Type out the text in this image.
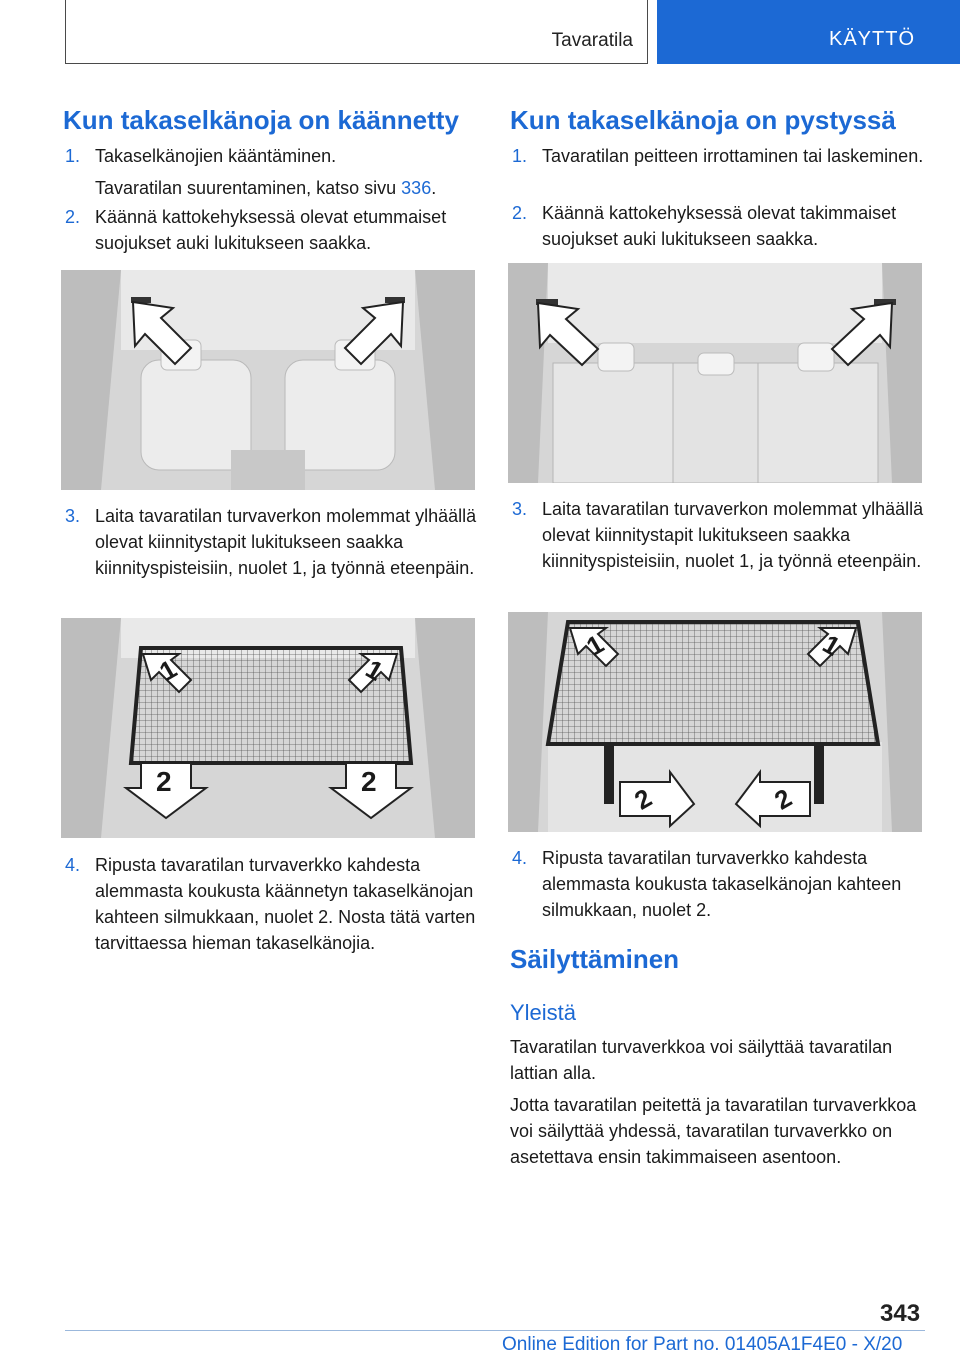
Tavaratila	KÄYTTÖ
Kun takaselkänoja on käännetty
1. Takaselkänojien kääntäminen.
Tavaratilan suurentaminen, katso sivu 336.
2. Käännä kattokehyksessä olevat etummaiset suojukset auki lukitukseen saakka.
3. Laita tavaratilan turvaverkon molemmat ylhäällä olevat kiinnitystapit lukitukseen saakka kiinnityspisteisiin, nuolet 1, ja työnnä eteenpäin.
1	1
2	2
4. Ripusta tavaratilan turvaverkko kahdesta alemmasta koukusta käännetyn takaselkänojan kahteen silmukkaan, nuolet 2. Nosta tätä varten tarvittaessa hieman takaselkänojia.
Kun takaselkänoja on pystyssä
1. Tavaratilan peitteen irrottaminen tai laskeminen.
2. Käännä kattokehyksessä olevat takimmaiset suojukset auki lukitukseen saakka.
3. Laita tavaratilan turvaverkon molemmat ylhäällä olevat kiinnitystapit lukitukseen saakka kiinnityspisteisiin, nuolet 1, ja työnnä eteenpäin.
1	1
2	2
4. Ripusta tavaratilan turvaverkko kahdesta alemmasta koukusta takaselkänojan kahteen silmukkaan, nuolet 2.
Säilyttäminen
Yleistä
Tavaratilan turvaverkkoa voi säilyttää tavaratilan lattian alla.
Jotta tavaratilan peitettä ja tavaratilan turvaverkkoa voi säilyttää yhdessä, tavaratilan turvaverkko on asetettava ensin takimmaiseen asentoon.
343
Online Edition for Part no. 01405A1F4E0 - X/20
